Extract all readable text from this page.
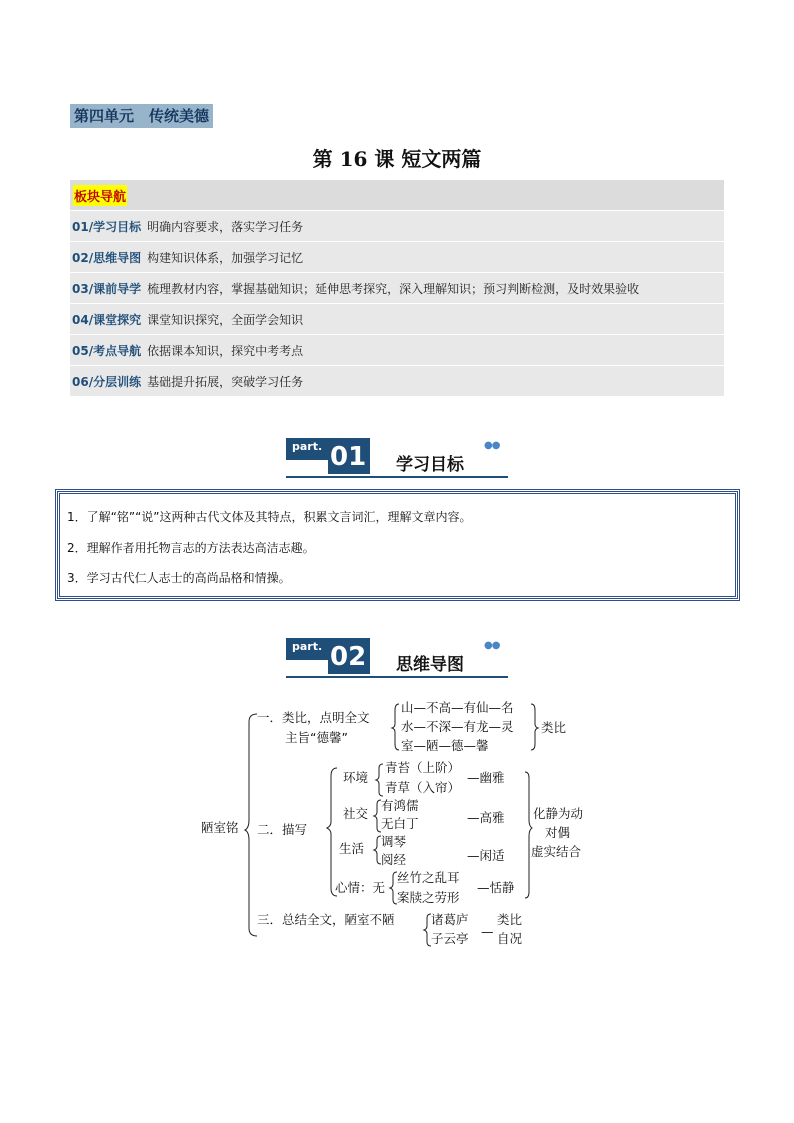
第四单元　传统美德
第 16 课 短文两篇
板块导航
01/学习目标 明确内容要求，落实学习任务
02/思维导图 构建知识体系，加强学习记忆
03/课前导学 梳理教材内容，掌握基础知识；延伸思考探究，深入理解知识；预习判断检测，及时效果验收
04/课堂探究 课堂知识探究，全面学会知识
05/考点导航 依据课本知识，探究中考考点
06/分层训练 基础提升拓展，突破学习任务
part. 01 学习目标
●●
1．了解“铭”“说”这两种古代文体及其特点，积累文言词汇，理解文章内容。
2．理解作者用托物言志的方法表达高洁志趣。
3．学习古代仁人志士的高尚品格和情操。
part. 02 思维导图
●●
陋室铭
一．类比，点明全文
主旨“德馨”
山—不高—有仙—名
水—不深—有龙—灵
室—陋—德—馨
类比
二．描写
环境
青苔（上阶）
青草（入帘）
—幽雅
社交
有鸿儒
无白丁	—高雅
生活 调琴
阅经	—闲适
心情：无
丝竹之乱耳
案牍之劳形
—恬静
化静为动
对偶
虚实结合
三．总结全文，陋室不陋	诸葛庐
子云亭 —
类比
自况
